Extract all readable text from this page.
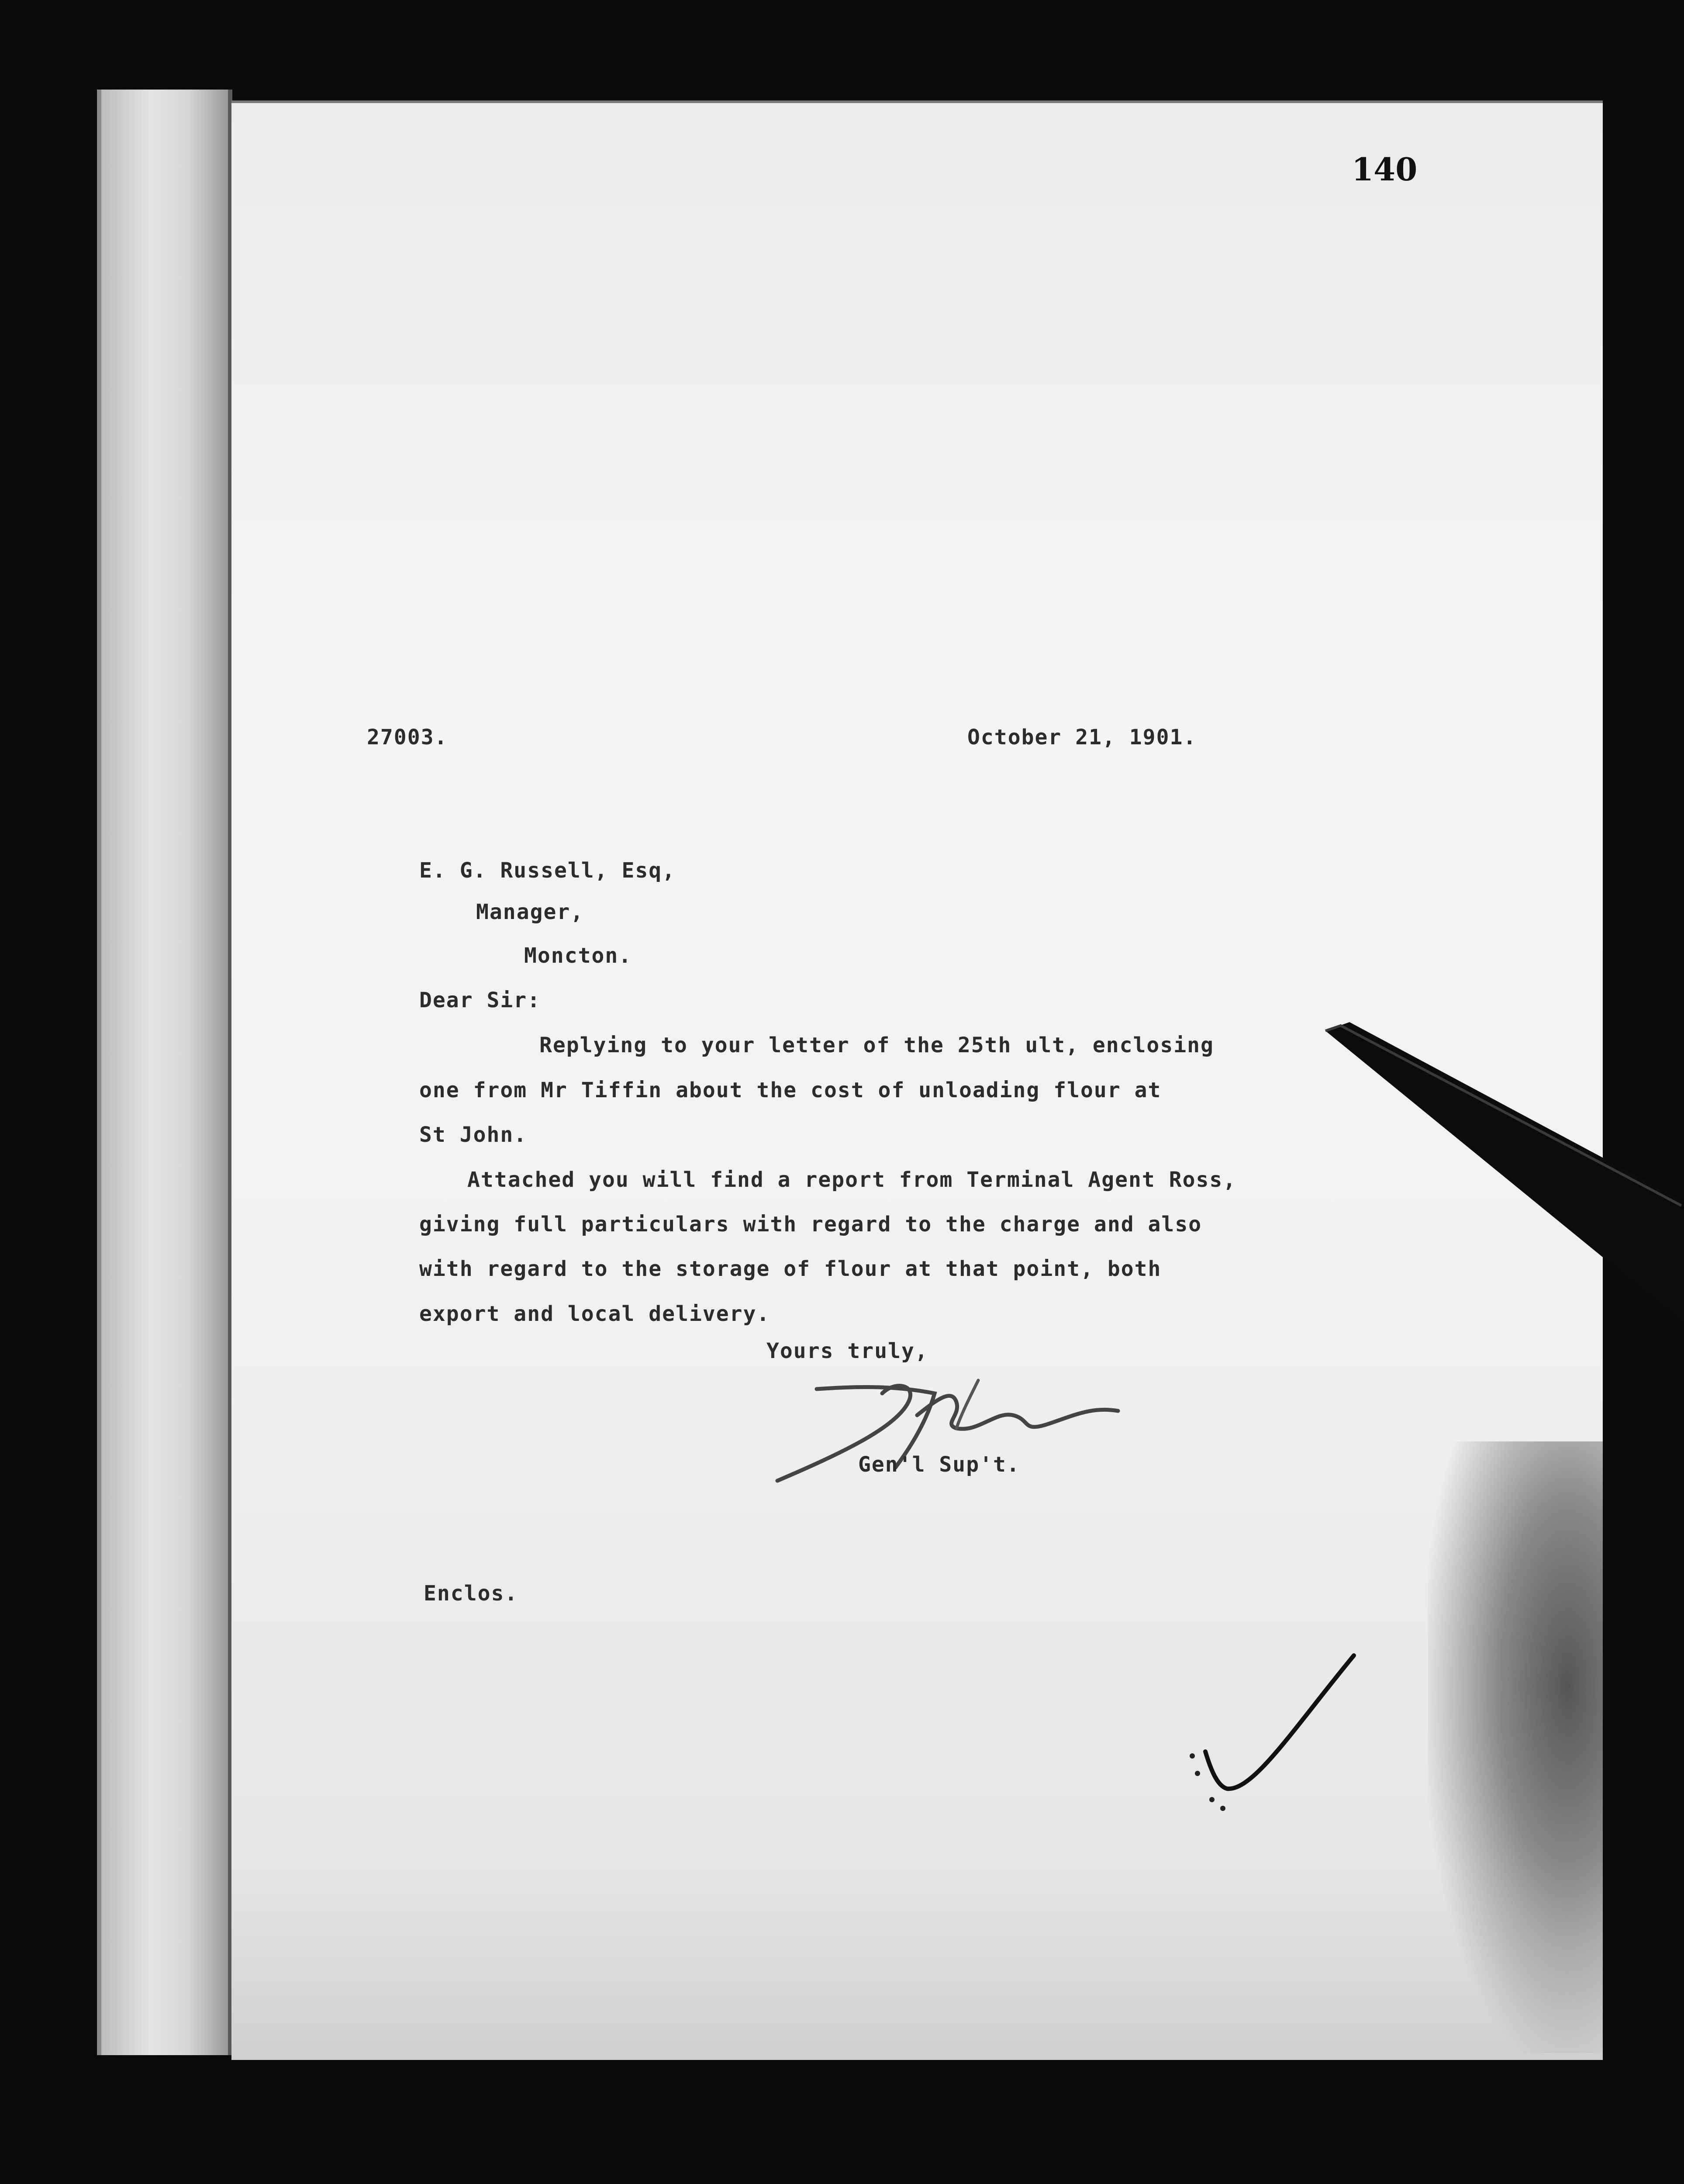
140
27003.	October 21, 1901.
E. G. Russell, Esq,
Manager,
Moncton.
Dear Sir:
Replying to your letter of the 25th ult, enclosing
one from Mr Tiffin about the cost of unloading flour at
St John.
Attached you will find a report from Terminal Agent Ross,
giving full particulars with regard to the charge and also
with regard to the storage of flour at that point, both
export and local delivery.
Yours truly,
Gen'l Sup't.
Enclos.
